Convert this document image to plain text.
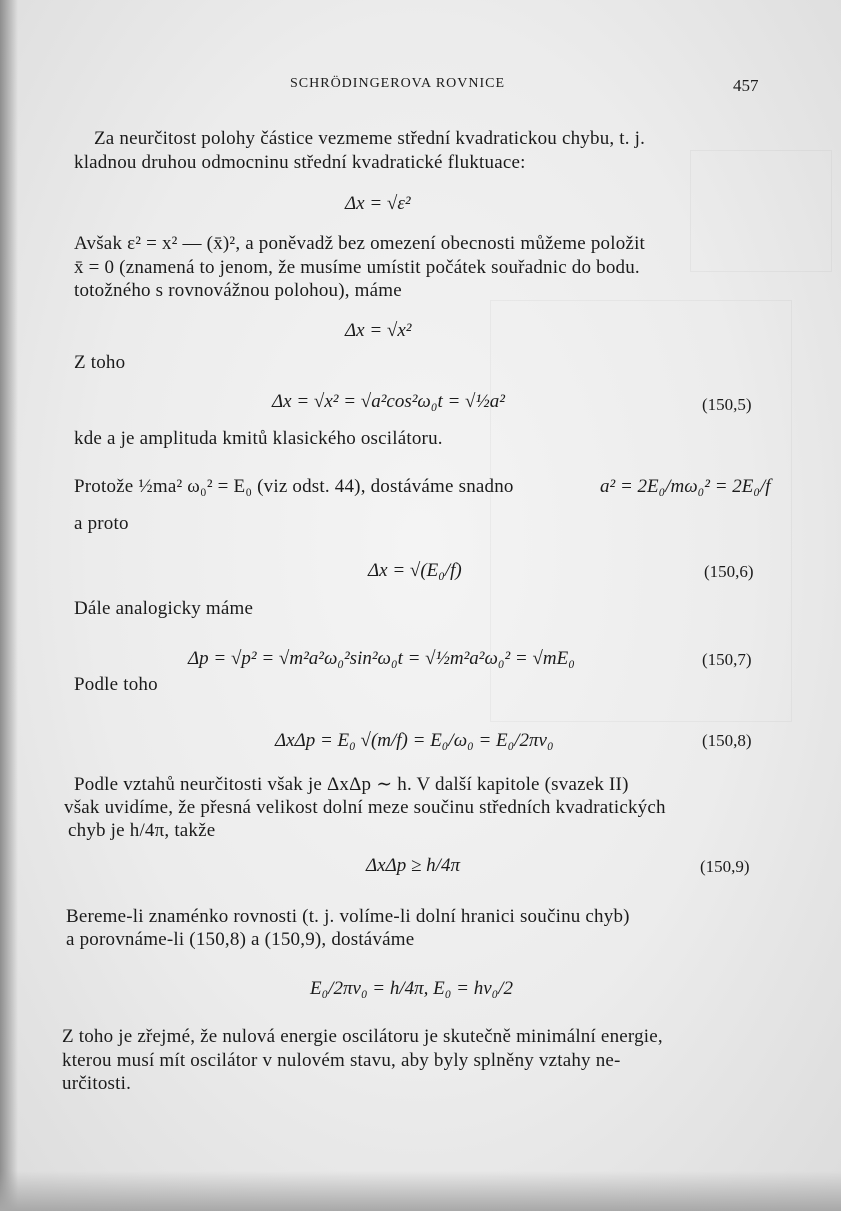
SCHRÖDINGEROVA ROVNICE	457
Za neurčitost polohy částice vezmeme střední kvadratickou chybu, t. j.
kladnou druhou odmocninu střední kvadratické fluktuace:
Δx = √ε²
Avšak ε² = x² — (x̄)², a poněvadž bez omezení obecnosti můžeme položit
x̄ = 0 (znamená to jenom, že musíme umístit počátek souřadnic do bodu.
totožného s rovnovážnou polohou), máme
Δx = √x²
Z toho
Δx = √x² = √a²cos²ω₀t = √½a²	(150,5)
kde a je amplituda kmitů klasického oscilátoru.
Protože ½ma² ω₀² = E₀ (viz odst. 44), dostáváme snadno	a² = 2E₀/mω₀² = 2E₀/f
a proto
Δx = √(E₀/f)	(150,6)
Dále analogicky máme
Δp = √p² = √m²a²ω₀²sin²ω₀t = √½m²a²ω₀² = √mE₀	(150,7)
Podle toho
ΔxΔp = E₀ √(m/f) = E₀/ω₀ = E₀/2πν₀	(150,8)
Podle vztahů neurčitosti však je ΔxΔp ∼ h. V další kapitole (svazek II)
však uvidíme, že přesná velikost dolní meze součinu středních kvadratických
chyb je h/4π, takže
ΔxΔp ≥ h/4π	(150,9)
Bereme-li znaménko rovnosti (t. j. volíme-li dolní hranici součinu chyb)
a porovnáme-li (150,8) a (150,9), dostáváme
E₀/2πν₀ = h/4π, E₀ = hν₀/2
Z toho je zřejmé, že nulová energie oscilátoru je skutečně minimální energie,
kterou musí mít oscilátor v nulovém stavu, aby byly splněny vztahy ne-
určitosti.
